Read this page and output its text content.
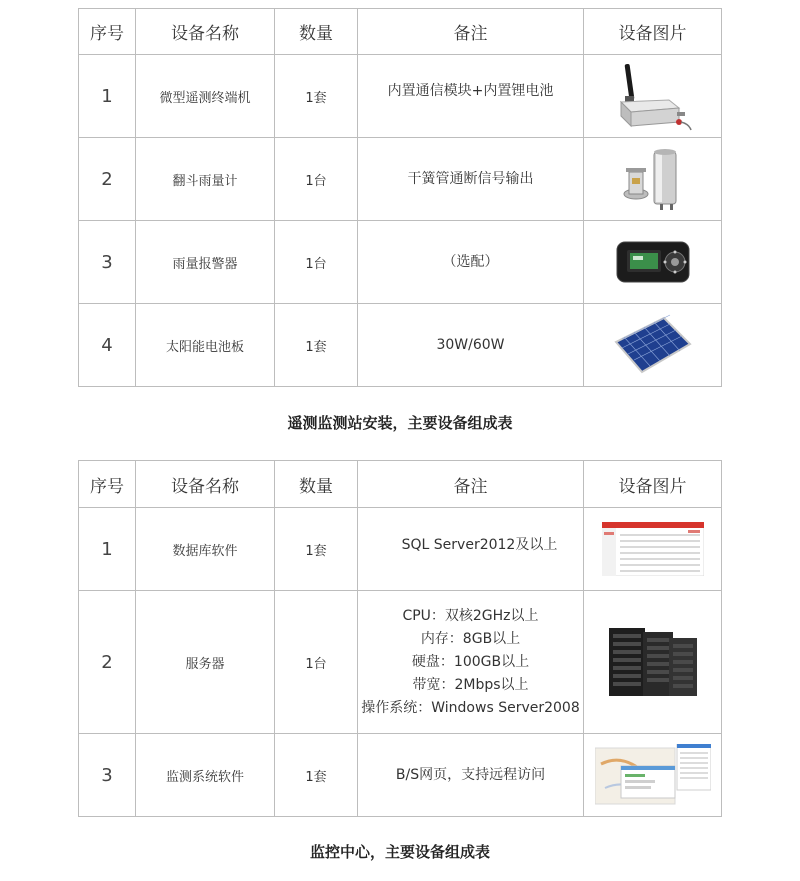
序号	设备名称	数量	备注	设备图片
1	微型遥测终端机	1套	内置通信模块+内置锂电池

2	翻斗雨量计	1台	干簧管通断信号输出

3	雨量报警器	1台	（选配）

4	太阳能电池板	1套	30W/60W

遥测监测站安装，主要设备组成表
序号	设备名称	数量	备注	设备图片
1	数据库软件	1套	SQL Server2012及以上

2	服务器	1台	CPU：双核2GHz以上
内存：8GB以上
硬盘：100GB以上
带宽：2Mbps以上
操作系统：Windows Server2008

3	监测系统软件	1套	B/S网页，支持远程访问

监控中心，主要设备组成表
